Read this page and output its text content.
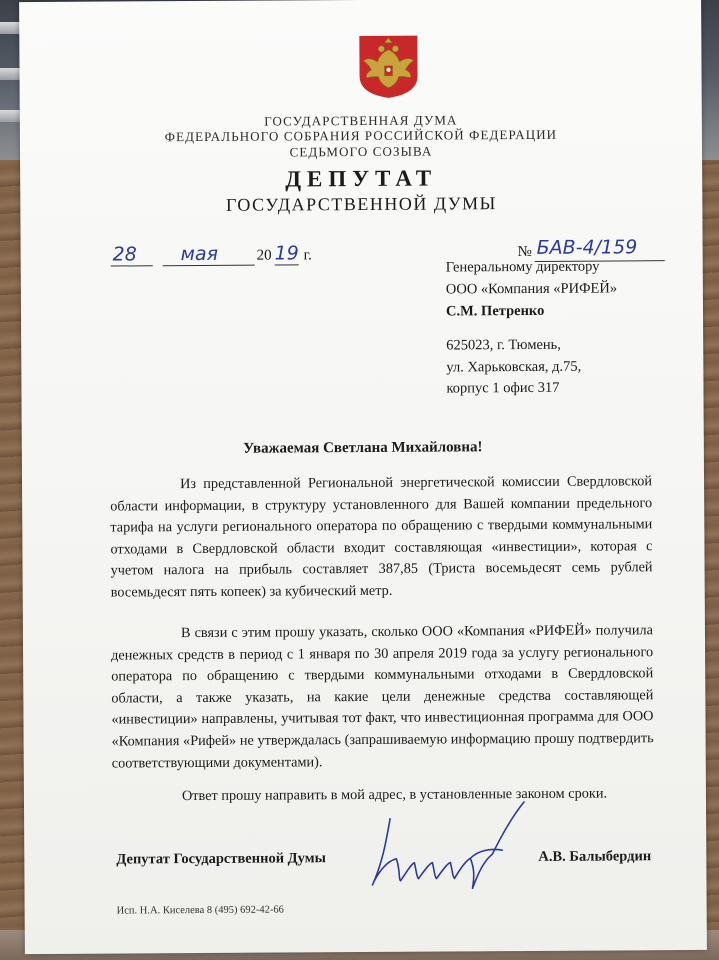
ГОСУДАРСТВЕННАЯ ДУМА
ФЕДЕРАЛЬНОГО СОБРАНИЯ РОССИЙСКОЙ ФЕДЕРАЦИИ
СЕДЬМОГО СОЗЫВА
ДЕПУТАТ
ГОСУДАРСТВЕННОЙ ДУМЫ
28 мая	20 19 г.	№ БАВ-4/159
Генеральному директору
ООО «Компания «РИФЕЙ»
С.М. Петренко
625023, г. Тюмень,
ул. Харьковская, д.75,
корпус 1 офис 317
Уважаемая Светлана Михайловна!
Из представленной Региональной энергетической комиссии Свердловской области информации, в структуру установленного для Вашей компании предельного тарифа на услуги регионального оператора по обращению с твердыми коммунальными отходами в Свердловской области входит составляющая «инвестиции», которая с учетом налога на прибыль составляет 387,85 (Триста восемьдесят семь рублей восемьдесят пять копеек) за кубический метр.
В связи с этим прошу указать, сколько ООО «Компания «РИФЕЙ» получила денежных средств в период с 1 января по 30 апреля 2019 года за услугу регионального оператора по обращению с твердыми коммунальными отходами в Свердловской области, а также указать, на какие цели денежные средства составляющей «инвестиции» направлены, учитывая тот факт, что инвестиционная программа для ООО «Компания «Рифей» не утверждалась (запрашиваемую информацию прошу подтвердить соответствующими документами).
Ответ прошу направить в мой адрес, в установленные законом сроки.
Депутат Государственной Думы	А.В. Балыбердин
Исп. Н.А. Киселева 8 (495) 692-42-66
